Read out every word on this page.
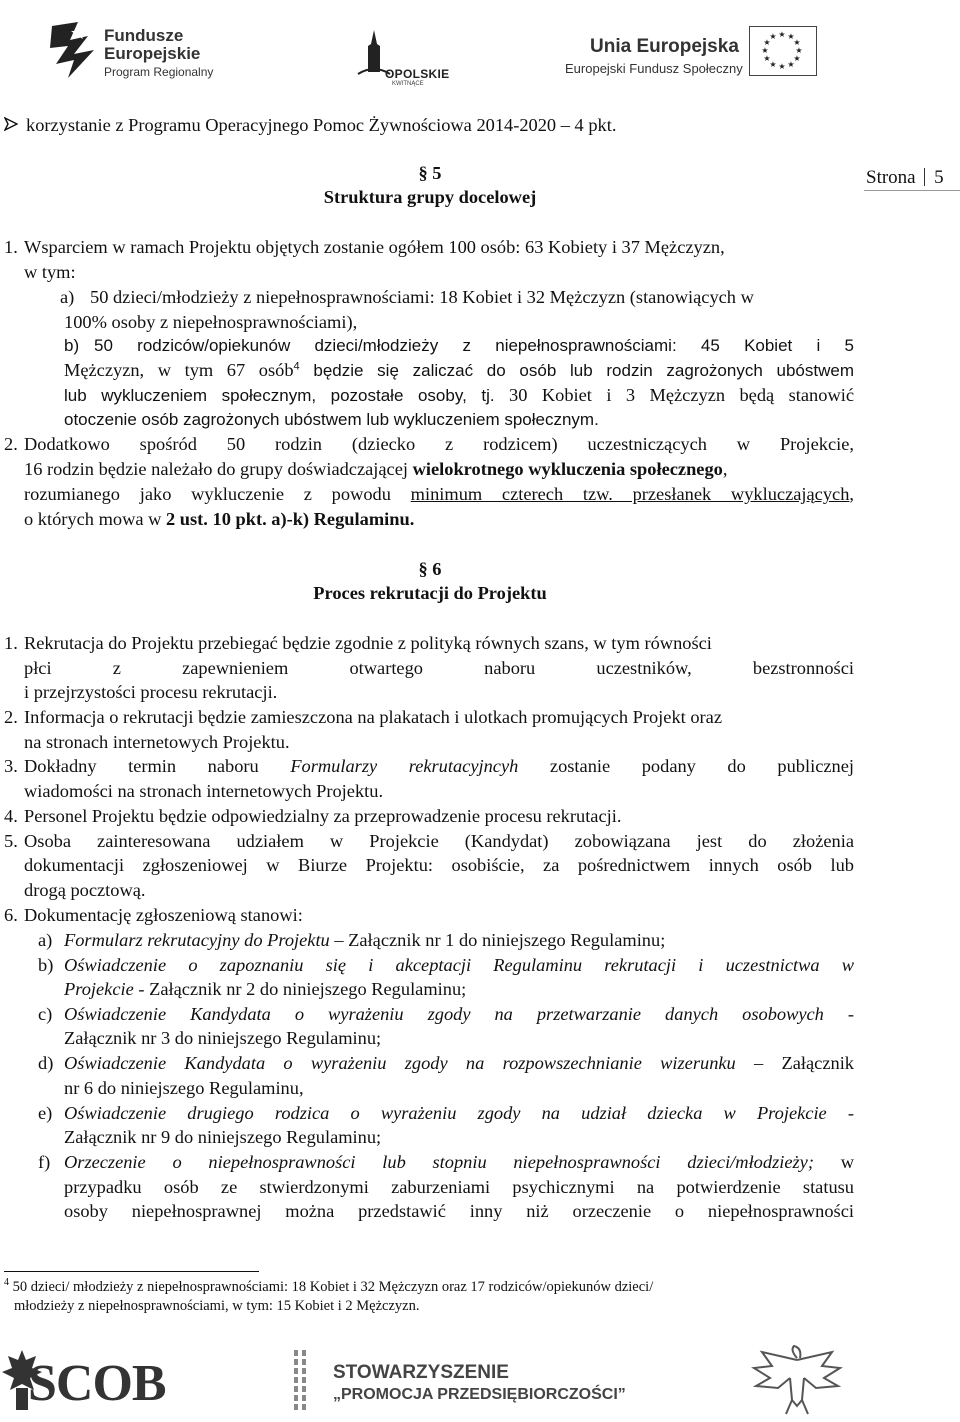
Fundusze
Europejskie
Program Regionalny	OPOLSKIE
KWITNĄCE
Unia Europejska
Europejski Fundusz Społeczny
★ ★
★
★
★
★
★
★
★
★
★
★
korzystanie z Programu Operacyjnego Pomoc Żywnościowa 2014-2020 – 4 pkt.
Strona 5
§ 5
Struktura grupy docelowej
1. Wsparciem w ramach Projektu objętych zostanie ogółem 100 osób: 63 Kobiety i 37 Mężczyzn,
w tym:
a) 50 dzieci/młodzieży z niepełnosprawnościami: 18 Kobiet i 32 Mężczyzn (stanowiących w
100% osoby z niepełnosprawnościami),
b) 50 rodziców/opiekunów dzieci/młodzieży z niepełnosprawnościami: 45 Kobiet i 5
Mężczyzn, w tym 67 osób$^4$ będzie się zaliczać do osób lub rodzin zagrożonych ubóstwem
lub wykluczeniem społecznym, pozostałe osoby, tj. 30 Kobiet i 3 Mężczyzn będą stanowić
otoczenie osób zagrożonych ubóstwem lub wykluczeniem społecznym.
2. Dodatkowo spośród 50 rodzin (dziecko z rodzicem) uczestniczących w Projekcie,
16 rodzin będzie należało do grupy doświadczającej wielokrotnego wykluczenia społecznego,
rozumianego jako wykluczenie z powodu minimum czterech tzw. przesłanek wykluczających,
o których mowa w 2 ust. 10 pkt. a)-k) Regulaminu.
§ 6
Proces rekrutacji do Projektu
1. Rekrutacja do Projektu przebiegać będzie zgodnie z polityką równych szans, w tym równości
płci z zapewnieniem otwartego naboru uczestników, bezstronności
i przejrzystości procesu rekrutacji.
2. Informacja o rekrutacji będzie zamieszczona na plakatach i ulotkach promujących Projekt oraz
na stronach internetowych Projektu.
3. Dokładny termin naboru Formularzy rekrutacyjncyh zostanie podany do publicznej
wiadomości na stronach internetowych Projektu.
4. Personel Projektu będzie odpowiedzialny za przeprowadzenie procesu rekrutacji.
5. Osoba zainteresowana udziałem w Projekcie (Kandydat) zobowiązana jest do złożenia
dokumentacji zgłoszeniowej w Biurze Projektu: osobiście, za pośrednictwem innych osób lub
drogą pocztową.
6. Dokumentację zgłoszeniową stanowi:
a) Formularz rekrutacyjny do Projektu – Załącznik nr 1 do niniejszego Regulaminu;
b) Oświadczenie o zapoznaniu się i akceptacji Regulaminu rekrutacji i uczestnictwa w
Projekcie - Załącznik nr 2 do niniejszego Regulaminu;
c) Oświadczenie Kandydata o wyrażeniu zgody na przetwarzanie danych osobowych -
Załącznik nr 3 do niniejszego Regulaminu;
d) Oświadczenie Kandydata o wyrażeniu zgody na rozpowszechnianie wizerunku – Załącznik
nr 6 do niniejszego Regulaminu,
e) Oświadczenie drugiego rodzica o wyrażeniu zgody na udział dziecka w Projekcie -
Załącznik nr 9 do niniejszego Regulaminu;
f) Orzeczenie o niepełnosprawności lub stopniu niepełnosprawności dzieci/młodzieży; w
przypadku osób ze stwierdzonymi zaburzeniami psychicznymi na potwierdzenie statusu
osoby niepełnosprawnej można przedstawić inny niż orzeczenie o niepełnosprawności
$^4$ 50 dzieci/ młodzieży z niepełnosprawnościami: 18 Kobiet i 32 Mężczyzn oraz 17 rodziców/opiekunów dzieci/
młodzieży z niepełnosprawnościami, w tym: 15 Kobiet i 2 Mężczyzn.
SCOB	STOWARZYSZENIE
„PROMOCJA PRZEDSIĘBIORCZOŚCI”
